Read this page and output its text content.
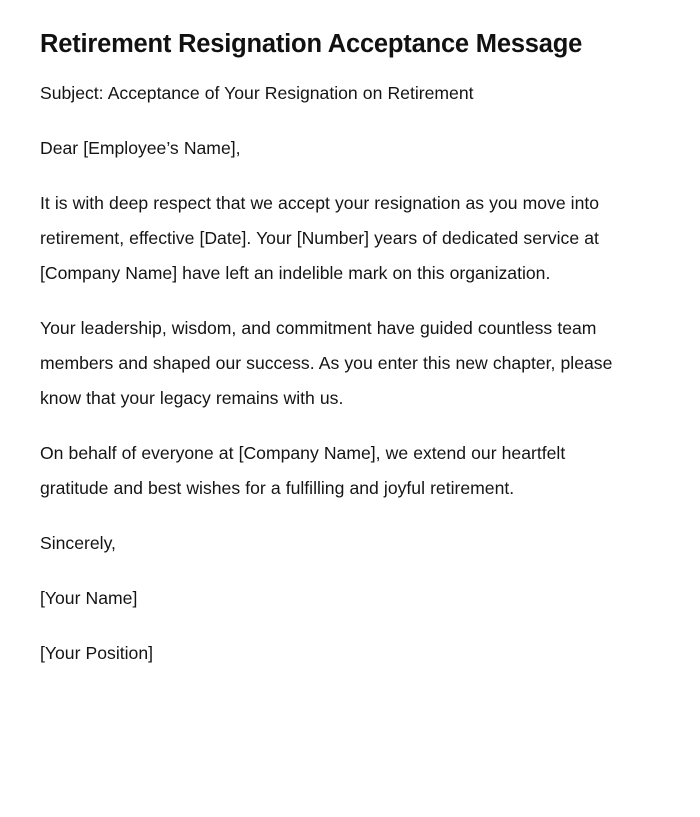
Retirement Resignation Acceptance Message

Subject: Acceptance of Your Resignation on Retirement

Dear [Employee’s Name],

It is with deep respect that we accept your resignation as you move into retirement, effective [Date]. Your [Number] years of dedicated service at [Company Name] have left an indelible mark on this organization.

Your leadership, wisdom, and commitment have guided countless team members and shaped our success. As you enter this new chapter, please know that your legacy remains with us.

On behalf of everyone at [Company Name], we extend our heartfelt gratitude and best wishes for a fulfilling and joyful retirement.

Sincerely,

[Your Name]

[Your Position]
